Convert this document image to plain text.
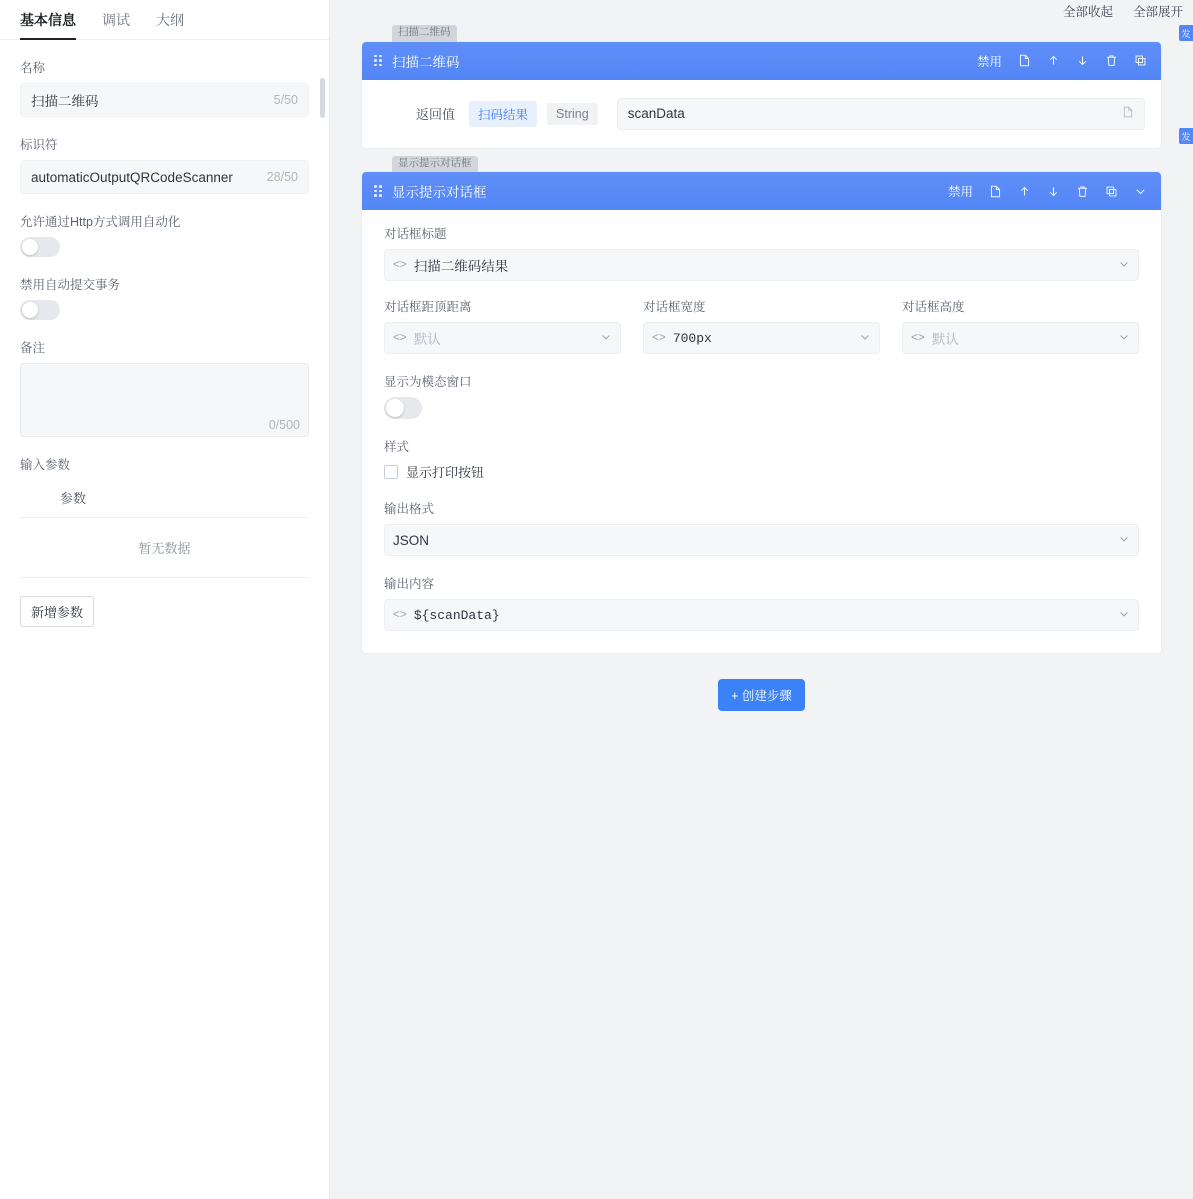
基本信息 调试 大纲
名称
扫描二维码	5/50
标识符
automaticOutputQRCodeScanner	28/50
允许通过Http方式调用自动化
禁用自动提交事务
备注
0/500
输入参数
参数
暂无数据
新增参数
全部收起 全部展开
发
发
扫描二维码
扫描二维码	禁用
返回值	扫码结果	String	scanData
显示提示对话框
显示提示对话框	禁用
对话框标题
<> 扫描二维码结果
对话框距顶距离
<> 默认
对话框宽度
<> 700px
对话框高度
<> 默认
显示为模态窗口
样式
显示打印按钮
输出格式
JSON
输出内容
<> ${scanData}
+ 创建步骤
